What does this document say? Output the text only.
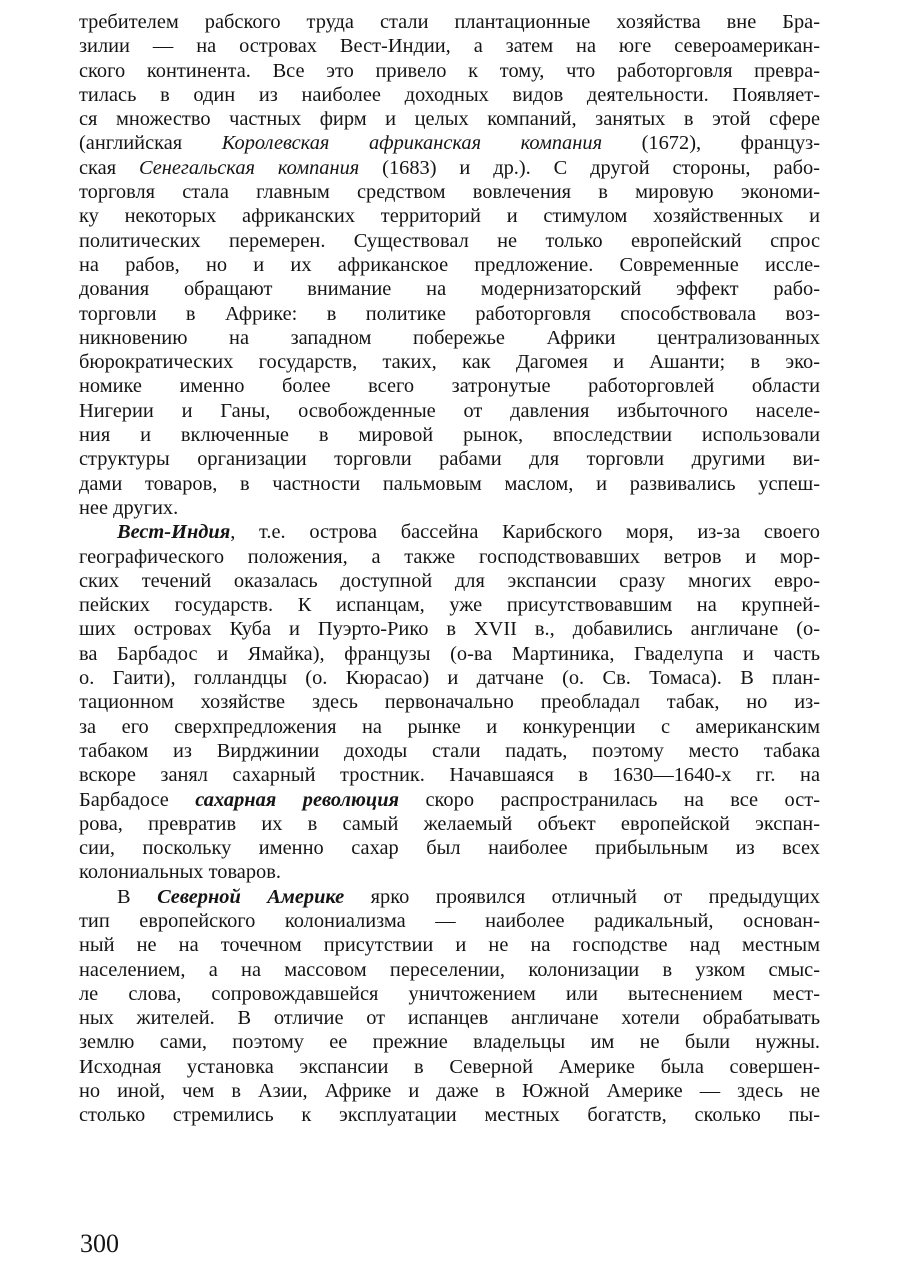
требителем рабского труда стали плантационные хозяйства вне Бра-
зилии — на островах Вест-Индии, а затем на юге североамерикан-
ского континента. Все это привело к тому, что работорговля превра-
тилась в один из наиболее доходных видов деятельности. Появляет-
ся множество частных фирм и целых компаний, занятых в этой сфере
(английская Королевская африканская компания (1672), француз-
ская Сенегальская компания (1683) и др.). С другой стороны, рабо-
торговля стала главным средством вовлечения в мировую экономи-
ку некоторых африканских территорий и стимулом хозяйственных и
политических перемерен. Существовал не только европейский спрос
на рабов, но и их африканское предложение. Современные иссле-
дования обращают внимание на модернизаторский эффект рабо-
торговли в Африке: в политике работорговля способствовала воз-
никновению на западном побережье Африки централизованных
бюрократических государств, таких, как Дагомея и Ашанти; в эко-
номике именно более всего затронутые работорговлей области
Нигерии и Ганы, освобожденные от давления избыточного населе-
ния и включенные в мировой рынок, впоследствии использовали
структуры организации торговли рабами для торговли другими ви-
дами товаров, в частности пальмовым маслом, и развивались успеш-
нее других.
Вест-Индия, т.е. острова бассейна Карибского моря, из-за своего
географического положения, а также господствовавших ветров и мор-
ских течений оказалась доступной для экспансии сразу многих евро-
пейских государств. К испанцам, уже присутствовавшим на крупней-
ших островах Куба и Пуэрто-Рико в XVII в., добавились англичане (о-
ва Барбадос и Ямайка), французы (о-ва Мартиника, Гваделупа и часть
о. Гаити), голландцы (о. Кюрасао) и датчане (о. Св. Томаса). В план-
тационном хозяйстве здесь первоначально преобладал табак, но из-
за его сверхпредложения на рынке и конкуренции с американским
табаком из Вирджинии доходы стали падать, поэтому место табака
вскоре занял сахарный тростник. Начавшаяся в 1630—1640-х гг. на
Барбадосе сахарная революция скоро распространилась на все ост-
рова, превратив их в самый желаемый объект европейской экспан-
сии, поскольку именно сахар был наиболее прибыльным из всех
колониальных товаров.
В Северной Америке ярко проявился отличный от предыдущих
тип европейского колониализма — наиболее радикальный, основан-
ный не на точечном присутствии и не на господстве над местным
населением, а на массовом переселении, колонизации в узком смыс-
ле слова, сопровождавшейся уничтожением или вытеснением мест-
ных жителей. В отличие от испанцев англичане хотели обрабатывать
землю сами, поэтому ее прежние владельцы им не были нужны.
Исходная установка экспансии в Северной Америке была совершен-
но иной, чем в Азии, Африке и даже в Южной Америке — здесь не
столько стремились к эксплуатации местных богатств, сколько пы-
300
